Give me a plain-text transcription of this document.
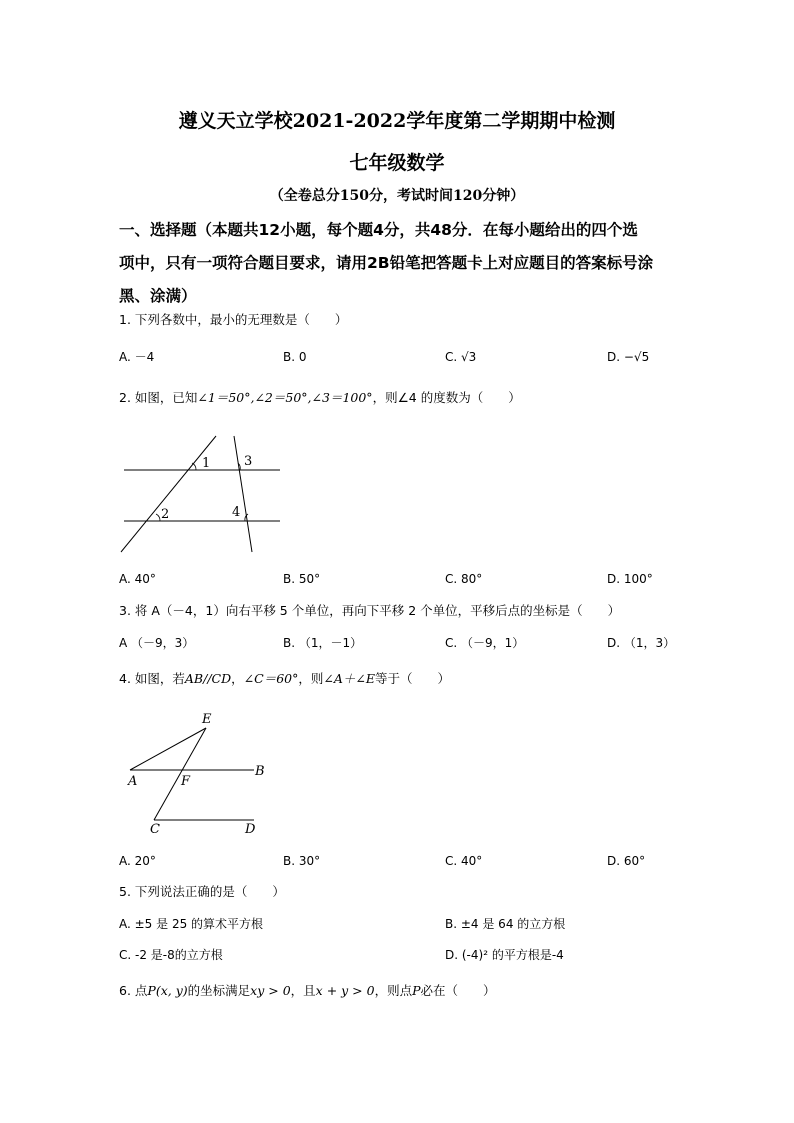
遵义天立学校2021-2022学年度第二学期期中检测
七年级数学
（全卷总分150分，考试时间120分钟）
一、选择题（本题共12小题，每个题4分，共48分．在每小题给出的四个选
项中，只有一项符合题目要求，请用2B铅笔把答题卡上对应题目的答案标号涂
黑、涂满）
1. 下列各数中，最小的无理数是（　　）
A. －4	B. 0	C. √3	D. −√5
2. 如图，已知∠1＝50°,∠2＝50°,∠3＝100°，则∠4 的度数为（　　）
1
2
3
4
A. 40°	B. 50°	C. 80°	D. 100°
3. 将 A（－4，1）向右平移 5 个单位，再向下平移 2 个单位，平移后点的坐标是（　　）
A （－9，3）	B. （1，－1）	C. （－9，1）	D. （1，3）
4. 如图，若AB//CD，∠C＝60°，则∠A＋∠E等于（　　）
E
A	F
B
C	D
A. 20°	B. 30°	C. 40°	D. 60°
5. 下列说法正确的是（　　）
A. ±5 是 25 的算术平方根	B. ±4 是 64 的立方根
C. -2 是-8的立方根	D. (-4)² 的平方根是-4
6. 点P(x, y)的坐标满足xy > 0，且x + y > 0，则点P必在（　　）
